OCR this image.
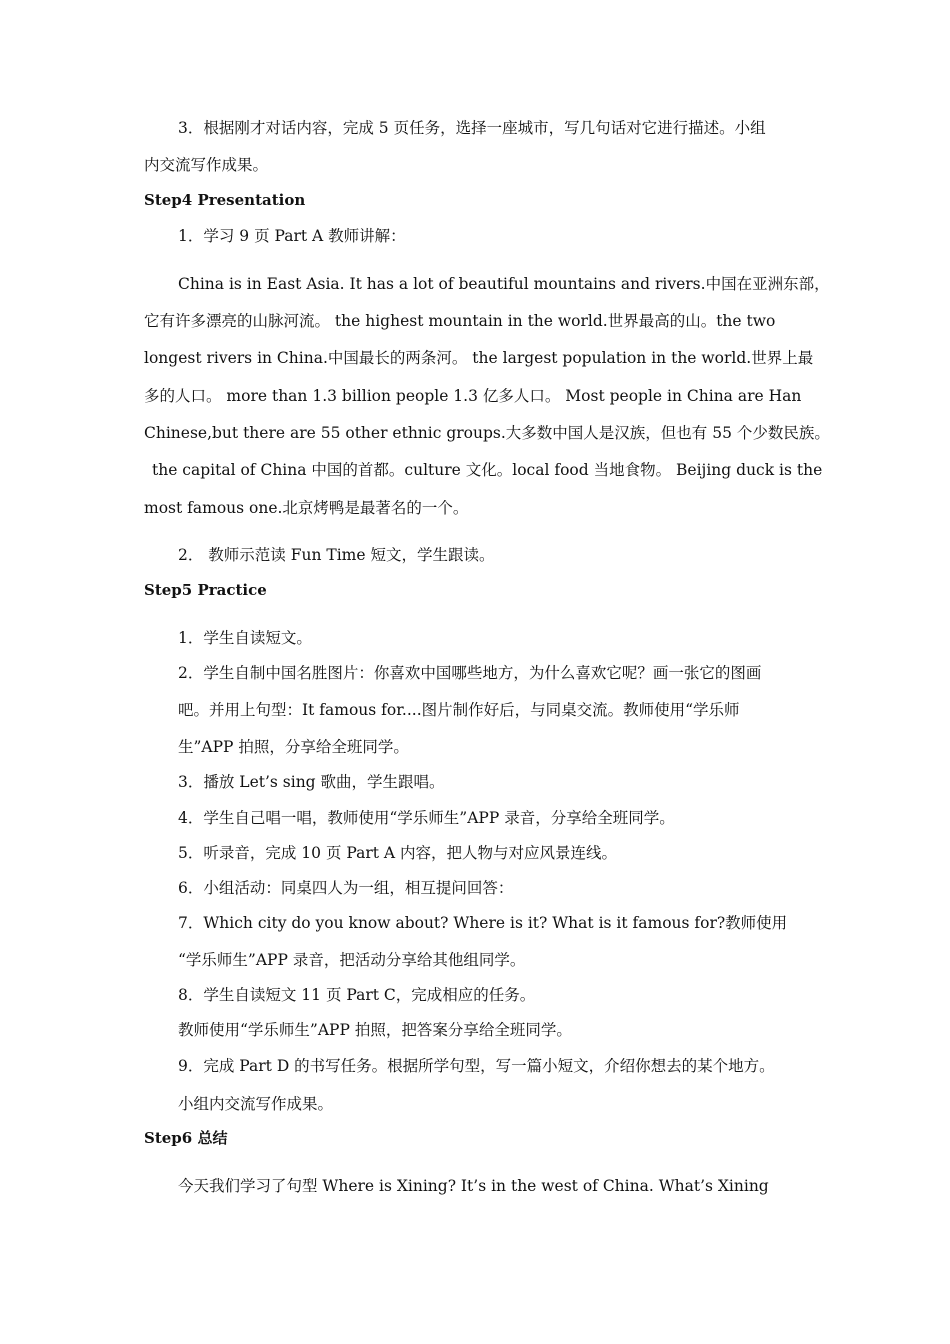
3．根据刚才对话内容，完成 5 页任务，选择一座城市，写几句话对它进行描述。小组
内交流写作成果。
Step4 Presentation
1．学习 9 页 Part A 教师讲解：
China is in East Asia. It has a lot of beautiful mountains and rivers.中国在亚洲东部，
它有许多漂亮的山脉河流。 the highest mountain in the world.世界最高的山。the two
longest rivers in China.中国最长的两条河。 the largest population in the world.世界上最
多的人口。 more than 1.3 billion people 1.3 亿多人口。 Most people in China are Han
Chinese,but there are 55 other ethnic groups.大多数中国人是汉族，但也有 55 个少数民族。
the capital of China 中国的首都。culture 文化。local food 当地食物。 Beijing duck is the
most famous one.北京烤鸭是最著名的一个。
2． 教师示范读 Fun Time 短文，学生跟读。
Step5 Practice
1．学生自读短文。
2．学生自制中国名胜图片：你喜欢中国哪些地方，为什么喜欢它呢？画一张它的图画
吧。并用上句型：It famous for....图片制作好后，与同桌交流。教师使用“学乐师
生”APP 拍照，分享给全班同学。
3．播放 Let’s sing 歌曲，学生跟唱。
4．学生自己唱一唱，教师使用“学乐师生”APP 录音，分享给全班同学。
5．听录音，完成 10 页 Part A 内容，把人物与对应风景连线。
6．小组活动：同桌四人为一组，相互提问回答：
7．Which city do you know about? Where is it? What is it famous for?教师使用
“学乐师生”APP 录音，把活动分享给其他组同学。
8．学生自读短文 11 页 Part C，完成相应的任务。
教师使用“学乐师生”APP 拍照，把答案分享给全班同学。
9．完成 Part D 的书写任务。根据所学句型，写一篇小短文，介绍你想去的某个地方。
小组内交流写作成果。
Step6 总结
今天我们学习了句型 Where is Xining? It’s in the west of China. What’s Xining
